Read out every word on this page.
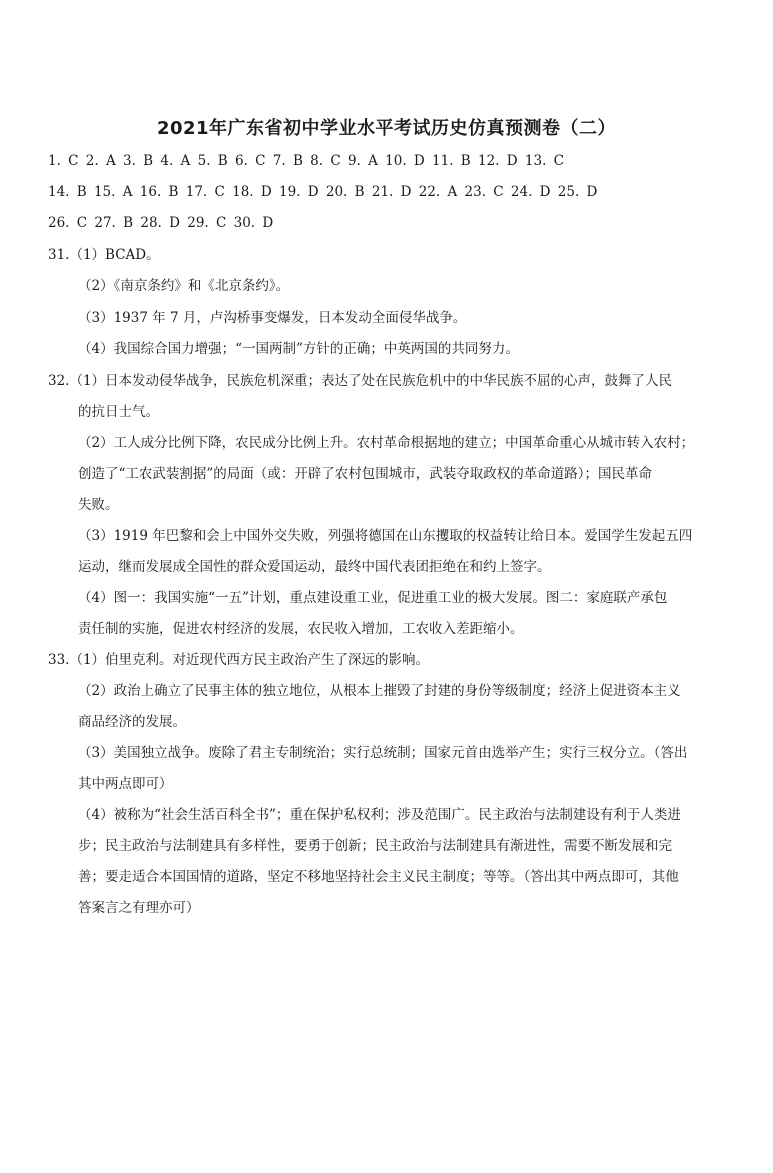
2021年广东省初中学业水平考试历史仿真预测卷（二）
1. C 2. A 3. B 4. A 5. B 6. C 7. B 8. C 9. A 10. D 11. B 12. D 13. C
14. B 15. A 16. B 17. C 18. D 19. D 20. B 21. D 22. A 23. C 24. D 25. D
26. C 27. B 28. D 29. C 30. D
31.（1）BCAD。
（2）《南京条约》和《北京条约》。
（3）1937 年 7 月，卢沟桥事变爆发，日本发动全面侵华战争。
（4）我国综合国力增强；“一国两制”方针的正确；中英两国的共同努力。
32.（1）日本发动侵华战争，民族危机深重；表达了处在民族危机中的中华民族不屈的心声，鼓舞了人民
的抗日士气。
（2）工人成分比例下降，农民成分比例上升。农村革命根据地的建立；中国革命重心从城市转入农村；
创造了“工农武装割据”的局面（或：开辟了农村包围城市，武装夺取政权的革命道路）；国民革命
失败。
（3）1919 年巴黎和会上中国外交失败，列强将德国在山东攫取的权益转让给日本。爱国学生发起五四
运动，继而发展成全国性的群众爱国运动，最终中国代表团拒绝在和约上签字。
（4）图一：我国实施“一五”计划，重点建设重工业，促进重工业的极大发展。图二：家庭联产承包
责任制的实施，促进农村经济的发展，农民收入增加，工农收入差距缩小。
33.（1）伯里克利。对近现代西方民主政治产生了深远的影响。
（2）政治上确立了民事主体的独立地位，从根本上摧毁了封建的身份等级制度；经济上促进资本主义
商品经济的发展。
（3）美国独立战争。废除了君主专制统治；实行总统制；国家元首由选举产生；实行三权分立。（答出
其中两点即可）
（4）被称为“社会生活百科全书”；重在保护私权利；涉及范围广。民主政治与法制建设有利于人类进
步；民主政治与法制建具有多样性，要勇于创新；民主政治与法制建具有渐进性，需要不断发展和完
善；要走适合本国国情的道路，坚定不移地坚持社会主义民主制度；等等。（答出其中两点即可，其他
答案言之有理亦可）
